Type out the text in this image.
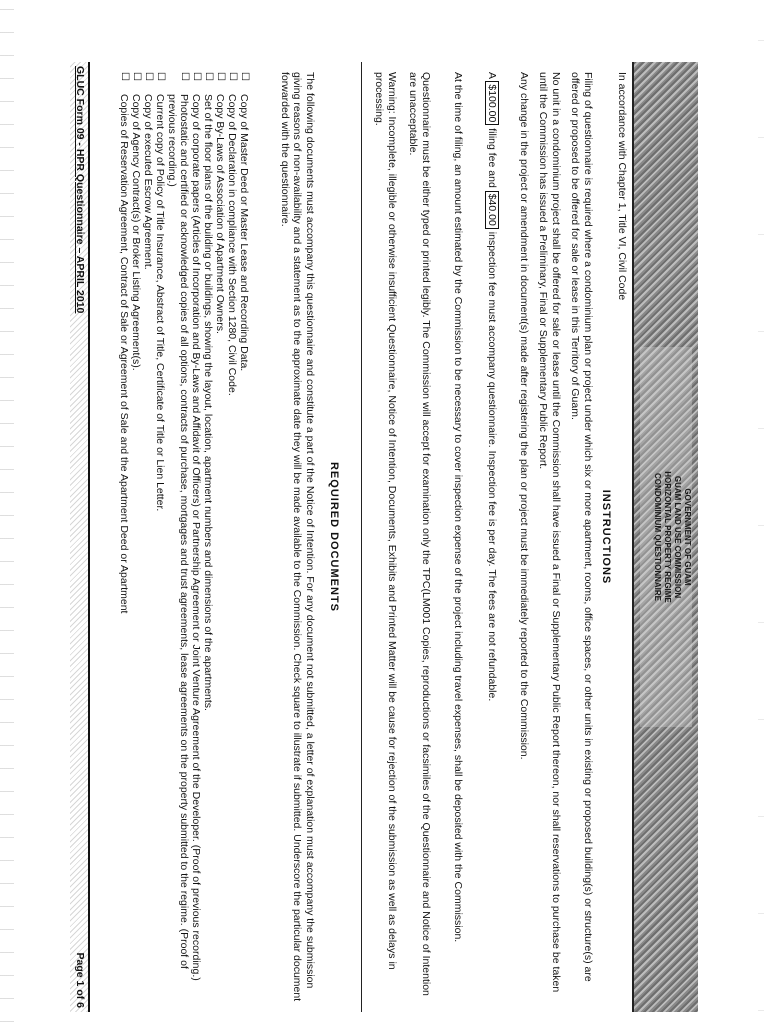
GOVERNMENT OF GUAM
GUAM LAND USE COMMISSION
HORIZONTAL PROPERTY REGIME
CONDOMINIUM QUESTIONNAIRE

In accordance with Chapter 1, Title VI, Civil Code

INSTRUCTIONS

Filing of questionnaire is required where a condominium plan or project under which six or more apartment, rooms, office spaces, or other units in existing or proposed building(s) or structure(s) are offered or proposed to be offered for sale or lease in this Territory of Guam.

No unit in a condominium project shall be offered for sale or lease until the Commission shall have issued a Final or Supplementary Public Report thereon, nor shall reservations to purchase be taken until the Commission has issued a Preliminary, Final or Supplementary Public Report.

Any change in the project or amendment in document(s) made after registering the plan or project must be immediately reported to the Commission.

A $100.00 filing fee and $40.00 inspection fee must accompany questionnaire. Inspection fee is per day. The fees are not refundable.

At the time of filing, an amount estimated by the Commission to be necessary to cover inspection expense of the project including travel expenses, shall be deposited with the Commission.

Questionnaire must be either typed or printed legibly. The Commission will accept for examination only the TPC(LM001 Copies, reproductions or facsimiles of the Questionnaire and Notice of Intention are unacceptable.

Warning: Incomplete, illegible or otherwise insufficient Questionnaire, Notice of Intention, Documents, Exhibits and Printed Matter will be cause for rejection of the submission as well as delays in processing.

REQUIRED DOCUMENTS

The following documents must accompany this questionnaire and constitute a part of the Notice of Intention. For any document not submitted, a letter of explanation must accompany the submission giving reasons of non-availability and a statement as to the approximate date they will be made available to the Commission. Check square to illustrate if submitted. Underscore the particular document forwarded with the questionnaire.

☐
Copy of Master Deed or Master Lease and Recording Data.
☐
Copy of Declaration in compliance with Section 1280, Civil Code.
☐
Copy By-Laws of Association of Apartment Owners.
☐
Set of the floor plans of the building or buildings, showing the layout, location, apartment numbers and dimensions of the apartments.
☐
Copy of corporate papers (Articles of Incorporation and By-Laws and Affidavit of Officers) or Partnership Agreement or Joint Venture Agreement of the Developer. (Proof of previous recording.)
☐
Photostatic and certified or acknowledged copies of all options, contracts of purchase, mortgages and trust agreements, lease agreements on the property submitted to the regime. (Proof of previous recording.)
☐
Current copy of Policy of Title Insurance, Abstract of Title, Certificate of Title or Lien Letter.
☐
Copy of executed Escrow Agreement.
☐
Copy of Agency Contract(s) or Broker Listing Agreement(s).
☐
Copies of Reservation Agreement, Contract of Sale or Agreement of Sale and the Apartment Deed or Apartment
GLUC Form 09 - HPR Questionnaire – APRIL 2010
Page 1 of 6
